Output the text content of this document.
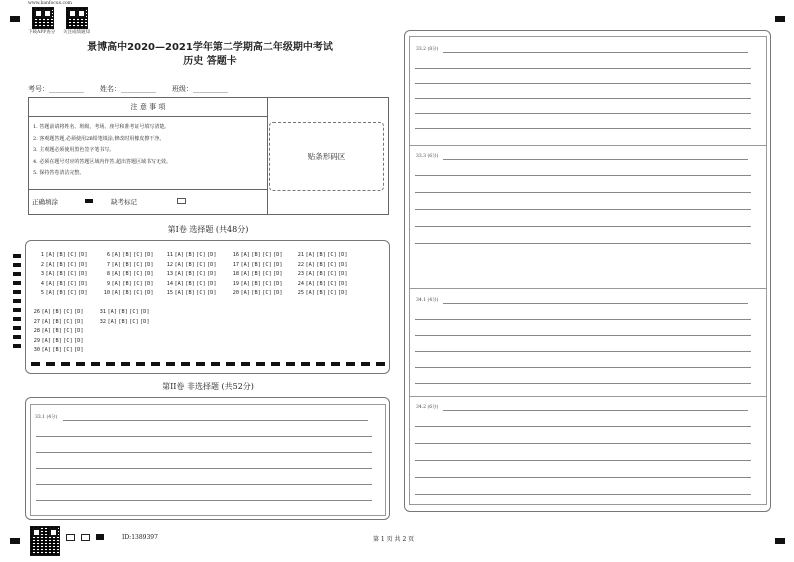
www.banfocus.com
下载APP查分 关注成绩通知
景博高中2020—2021学年第二学期高二年级期中考试
历史 答题卡
考号：__________ 姓名：__________ 班级：__________
注 意 事 项
1. 答题前请将姓名、班级、考场、座号和准考证号填写清楚。
2. 客观题答题,必须使用2B铅笔填涂,修改时用橡皮擦干净。
3. 主观题必须使用黑色签字笔书写。
4. 必须在题号对应的答题区域内作答,超出答题区域书写无效。
5. 保持答卷清洁完整。
正确填涂	缺考标记
贴条形码区
第I卷 选择题 (共48分)
1 [A] [B] [C] [D]
2 [A] [B] [C] [D]
3 [A] [B] [C] [D]
4 [A] [B] [C] [D]
5 [A] [B] [C] [D]
6 [A] [B] [C] [D]
7 [A] [B] [C] [D]
8 [A] [B] [C] [D]
9 [A] [B] [C] [D]
10 [A] [B] [C] [D]
11 [A] [B] [C] [D]
12 [A] [B] [C] [D]
13 [A] [B] [C] [D]
14 [A] [B] [C] [D]
15 [A] [B] [C] [D]
16 [A] [B] [C] [D]
17 [A] [B] [C] [D]
18 [A] [B] [C] [D]
19 [A] [B] [C] [D]
20 [A] [B] [C] [D]
21 [A] [B] [C] [D]
22 [A] [B] [C] [D]
23 [A] [B] [C] [D]
24 [A] [B] [C] [D]
25 [A] [B] [C] [D]
26 [A] [B] [C] [D]
27 [A] [B] [C] [D]
28 [A] [B] [C] [D]
29 [A] [B] [C] [D]
30 [A] [B] [C] [D]
31 [A] [B] [C] [D]
32 [A] [B] [C] [D]
第II卷 非选择题 (共52分)
33.1 (4分)
33.2 (8分)
33.3 (6分)
34.1 (4分)
34.2 (6分)
ID:1389397	第 1 页 共 2 页
